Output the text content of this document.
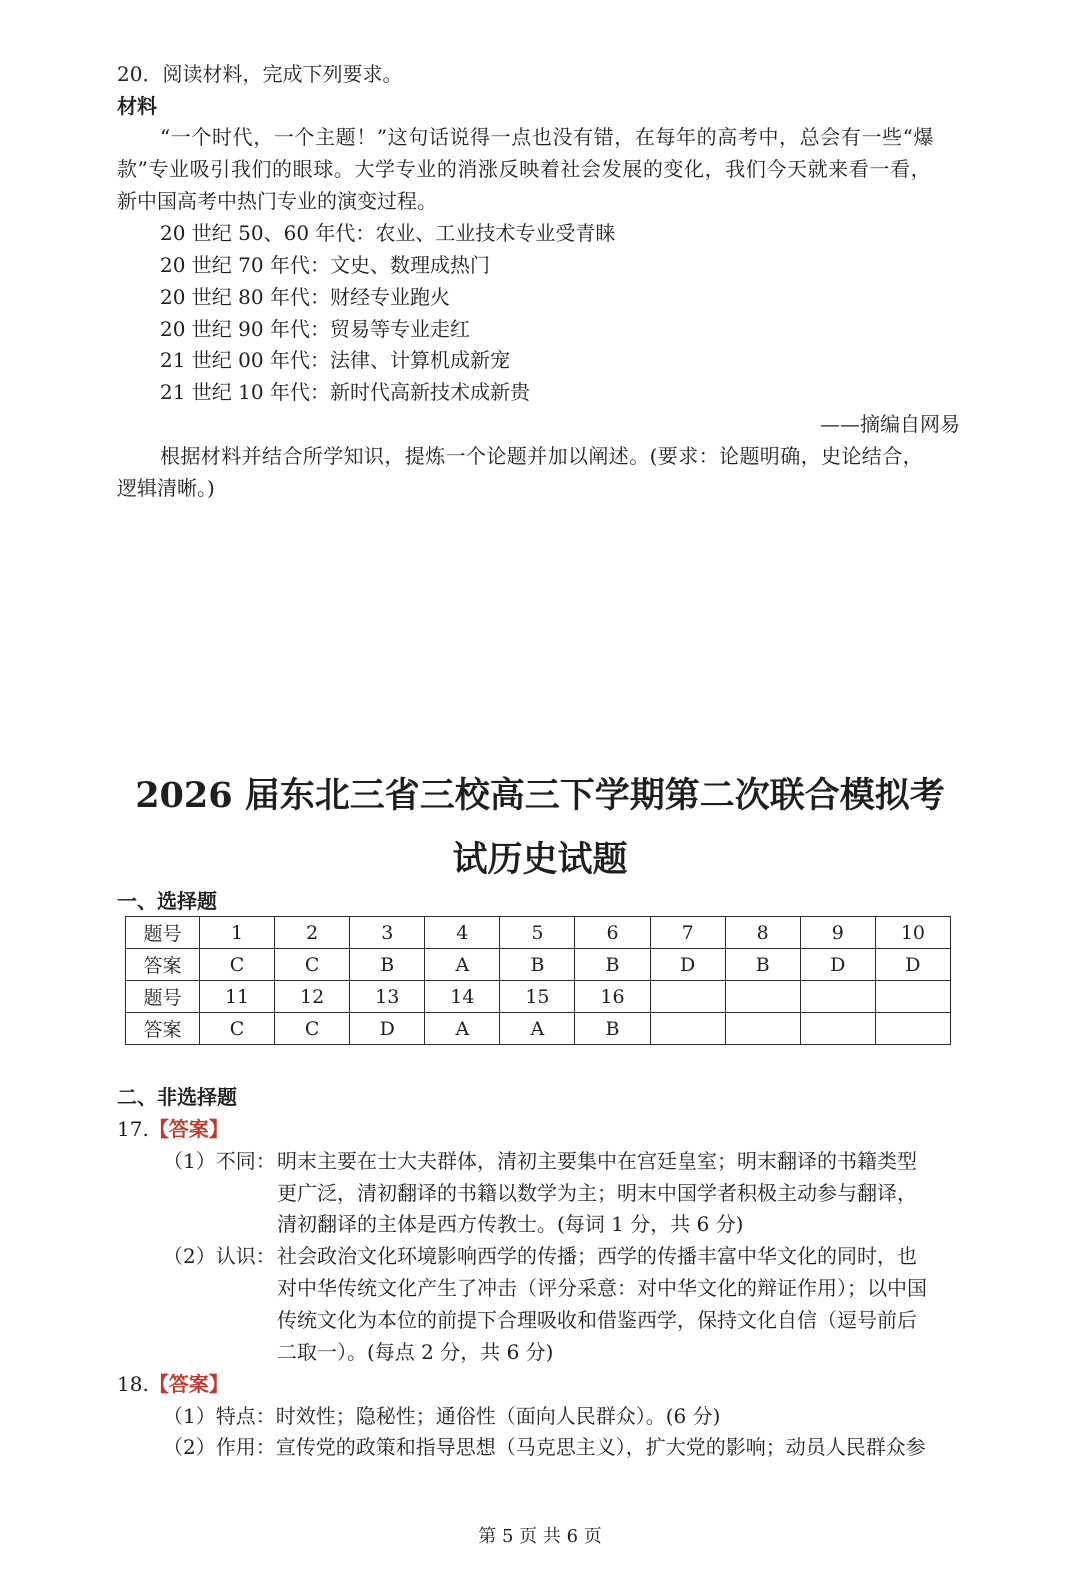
20．阅读材料，完成下列要求。
材料
“一个时代，一个主题！”这句话说得一点也没有错，在每年的高考中，总会有一些“爆
款”专业吸引我们的眼球。大学专业的消涨反映着社会发展的变化，我们今天就来看一看，
新中国高考中热门专业的演变过程。
20 世纪 50、60 年代：农业、工业技术专业受青睐
20 世纪 70 年代：文史、数理成热门
20 世纪 80 年代：财经专业跑火
20 世纪 90 年代：贸易等专业走红
21 世纪 00 年代：法律、计算机成新宠
21 世纪 10 年代：新时代高新技术成新贵
——摘编自网易
根据材料并结合所学知识，提炼一个论题并加以阐述。(要求：论题明确，史论结合，
逻辑清晰。)
2026 届东北三省三校高三下学期第二次联合模拟考
试历史试题
一、选择题
题号	1	2	3	4	5	6	7	8	9	10
答案	C	C	B	A	B	B	D	B	D	D
题号	11	12	13	14	15	16				
答案	C	C	D	A	A	B				
二、非选择题
17.【答案】
（1）不同： 明末主要在士大夫群体，清初主要集中在宫廷皇室；明末翻译的书籍类型
更广泛，清初翻译的书籍以数学为主；明末中国学者积极主动参与翻译，
清初翻译的主体是西方传教士。(每词 1 分，共 6 分)
（2）认识： 社会政治文化环境影响西学的传播；西学的传播丰富中华文化的同时，也
对中华传统文化产生了冲击（评分采意：对中华文化的辩证作用）；以中国
传统文化为本位的前提下合理吸收和借鉴西学，保持文化自信（逗号前后
二取一）。(每点 2 分，共 6 分)
18.【答案】
（1）特点：时效性；隐秘性；通俗性（面向人民群众）。(6 分)
（2）作用：宣传党的政策和指导思想（马克思主义），扩大党的影响；动员人民群众参
第 5 页 共 6 页
